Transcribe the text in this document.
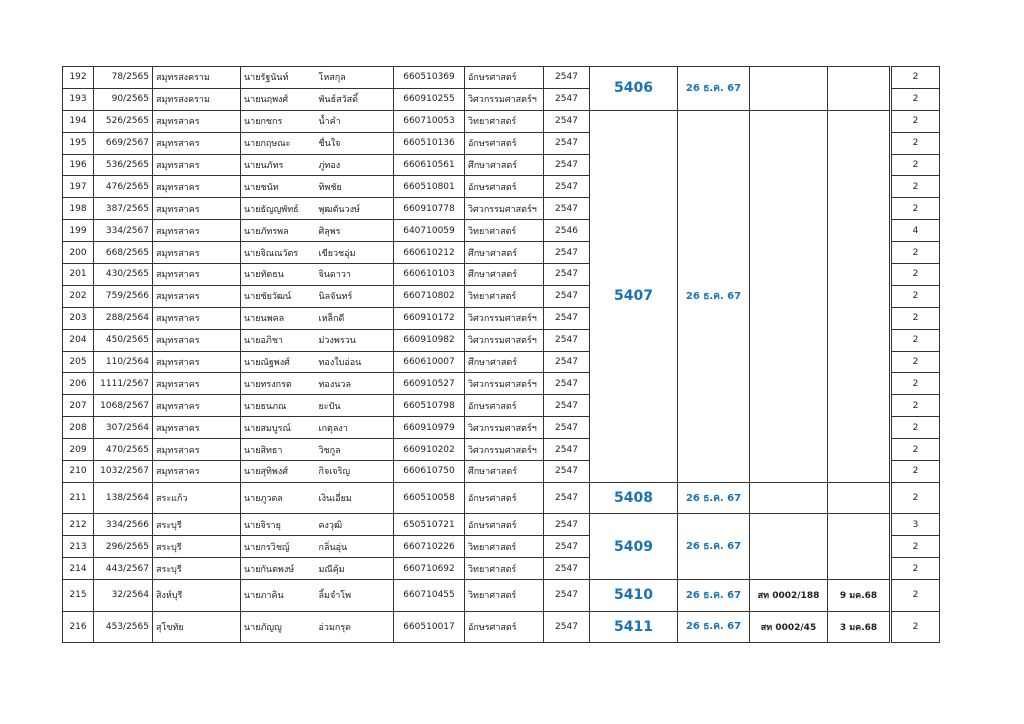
192	78/2565	สมุทรสงคราม	นายรัฐนันท์	โหสกุล	660510369	อักษรศาสตร์	2547	5406	26 ธ.ค. 67				2
193	90/2565	สมุทรสงคราม	นายนฤพงศ์	พันธ์สวัสดิ์	660910255	วิศวกรรมศาสตร์ฯ	2547						2
194	526/2565	สมุทรสาคร	นายกชกร	น้ำคำ	660710053	วิทยาศาสตร์	2547	5407	26 ธ.ค. 67				2
195	669/2567	สมุทรสาคร	นายกฤษณะ	ชื่นใจ	660510136	อักษรศาสตร์	2547						2
196	536/2565	สมุทรสาคร	นายนภัทร	ภู่ทอง	660610561	ศึกษาศาสตร์	2547						2
197	476/2565	สมุทรสาคร	นายชนัท	ทิพชัย	660510801	อักษรศาสตร์	2547						2
198	387/2565	สมุทรสาคร	นายธัญญพัทธ์	พุฒตันวงษ์	660910778	วิศวกรรมศาสตร์ฯ	2547						2
199	334/2567	สมุทรสาคร	นายภัทรพล	ศิลุพร	640710059	วิทยาศาสตร์	2546						4
200	668/2565	สมุทรสาคร	นายจิณณวัตร	เขียวชอุ่ม	660610212	ศึกษาศาสตร์	2547						2
201	430/2565	สมุทรสาคร	นายทัตธน	จินดาวา	660610103	ศึกษาศาสตร์	2547						2
202	759/2566	สมุทรสาคร	นายชัยวัฒน์	นิลจันทร์	660710802	วิทยาศาสตร์	2547						2
203	288/2564	สมุทรสาคร	นายนพคล	เหล็กดี	660910172	วิศวกรรมศาสตร์ฯ	2547						2
204	450/2565	สมุทรสาคร	นายอภิชา	ม่วงพรวน	660910982	วิศวกรรมศาสตร์ฯ	2547						2
205	110/2564	สมุทรสาคร	นายณัฐพงศ์	ทองใบอ่อน	660610007	ศึกษาศาสตร์	2547						2
206	1111/2567	สมุทรสาคร	นายทรงกรต	ทองนวล	660910527	วิศวกรรมศาสตร์ฯ	2547						2
207	1068/2567	สมุทรสาคร	นายธนภณ	ยะปัน	660510798	อักษรศาสตร์	2547						2
208	307/2564	สมุทรสาคร	นายสมบูรณ์	เกตุลงา	660910979	วิศวกรรมศาสตร์ฯ	2547						2
209	470/2565	สมุทรสาคร	นายสิทธา	วิชกูล	660910202	วิศวกรรมศาสตร์ฯ	2547						2
210	1032/2567	สมุทรสาคร	นายสุทิพงศ์	กิจเจริญ	660610750	ศึกษาศาสตร์	2547						2
211	138/2564	สระแก้ว	นายภูวดล	เงินเอี่ยม	660510058	อักษรศาสตร์	2547	5408	26 ธ.ค. 67				2
212	334/2566	สระบุรี	นายจิรายุ	คงวุฒิ	650510721	อักษรศาสตร์	2547	5409	26 ธ.ค. 67				3
213	296/2565	สระบุรี	นายกรวิชญ์	กลิ่นอุ่น	660710226	วิทยาศาสตร์	2547						2
214	443/2567	สระบุรี	นายกันตพงษ์	มณีคุ้ม	660710692	วิทยาศาสตร์	2547						2
215	32/2564	สิงห์บุรี	นายภาคิน	ลิ้มจำโพ	660710455	วิทยาศาสตร์	2547	5410	26 ธ.ค. 67	สท 0002/188	9 มค.68		2
216	453/2565	สุโขทัย	นายภัญญู	อ่วมกรุด	660510017	อักษรศาสตร์	2547	5411	26 ธ.ค. 67	สท 0002/45	3 มค.68		2
